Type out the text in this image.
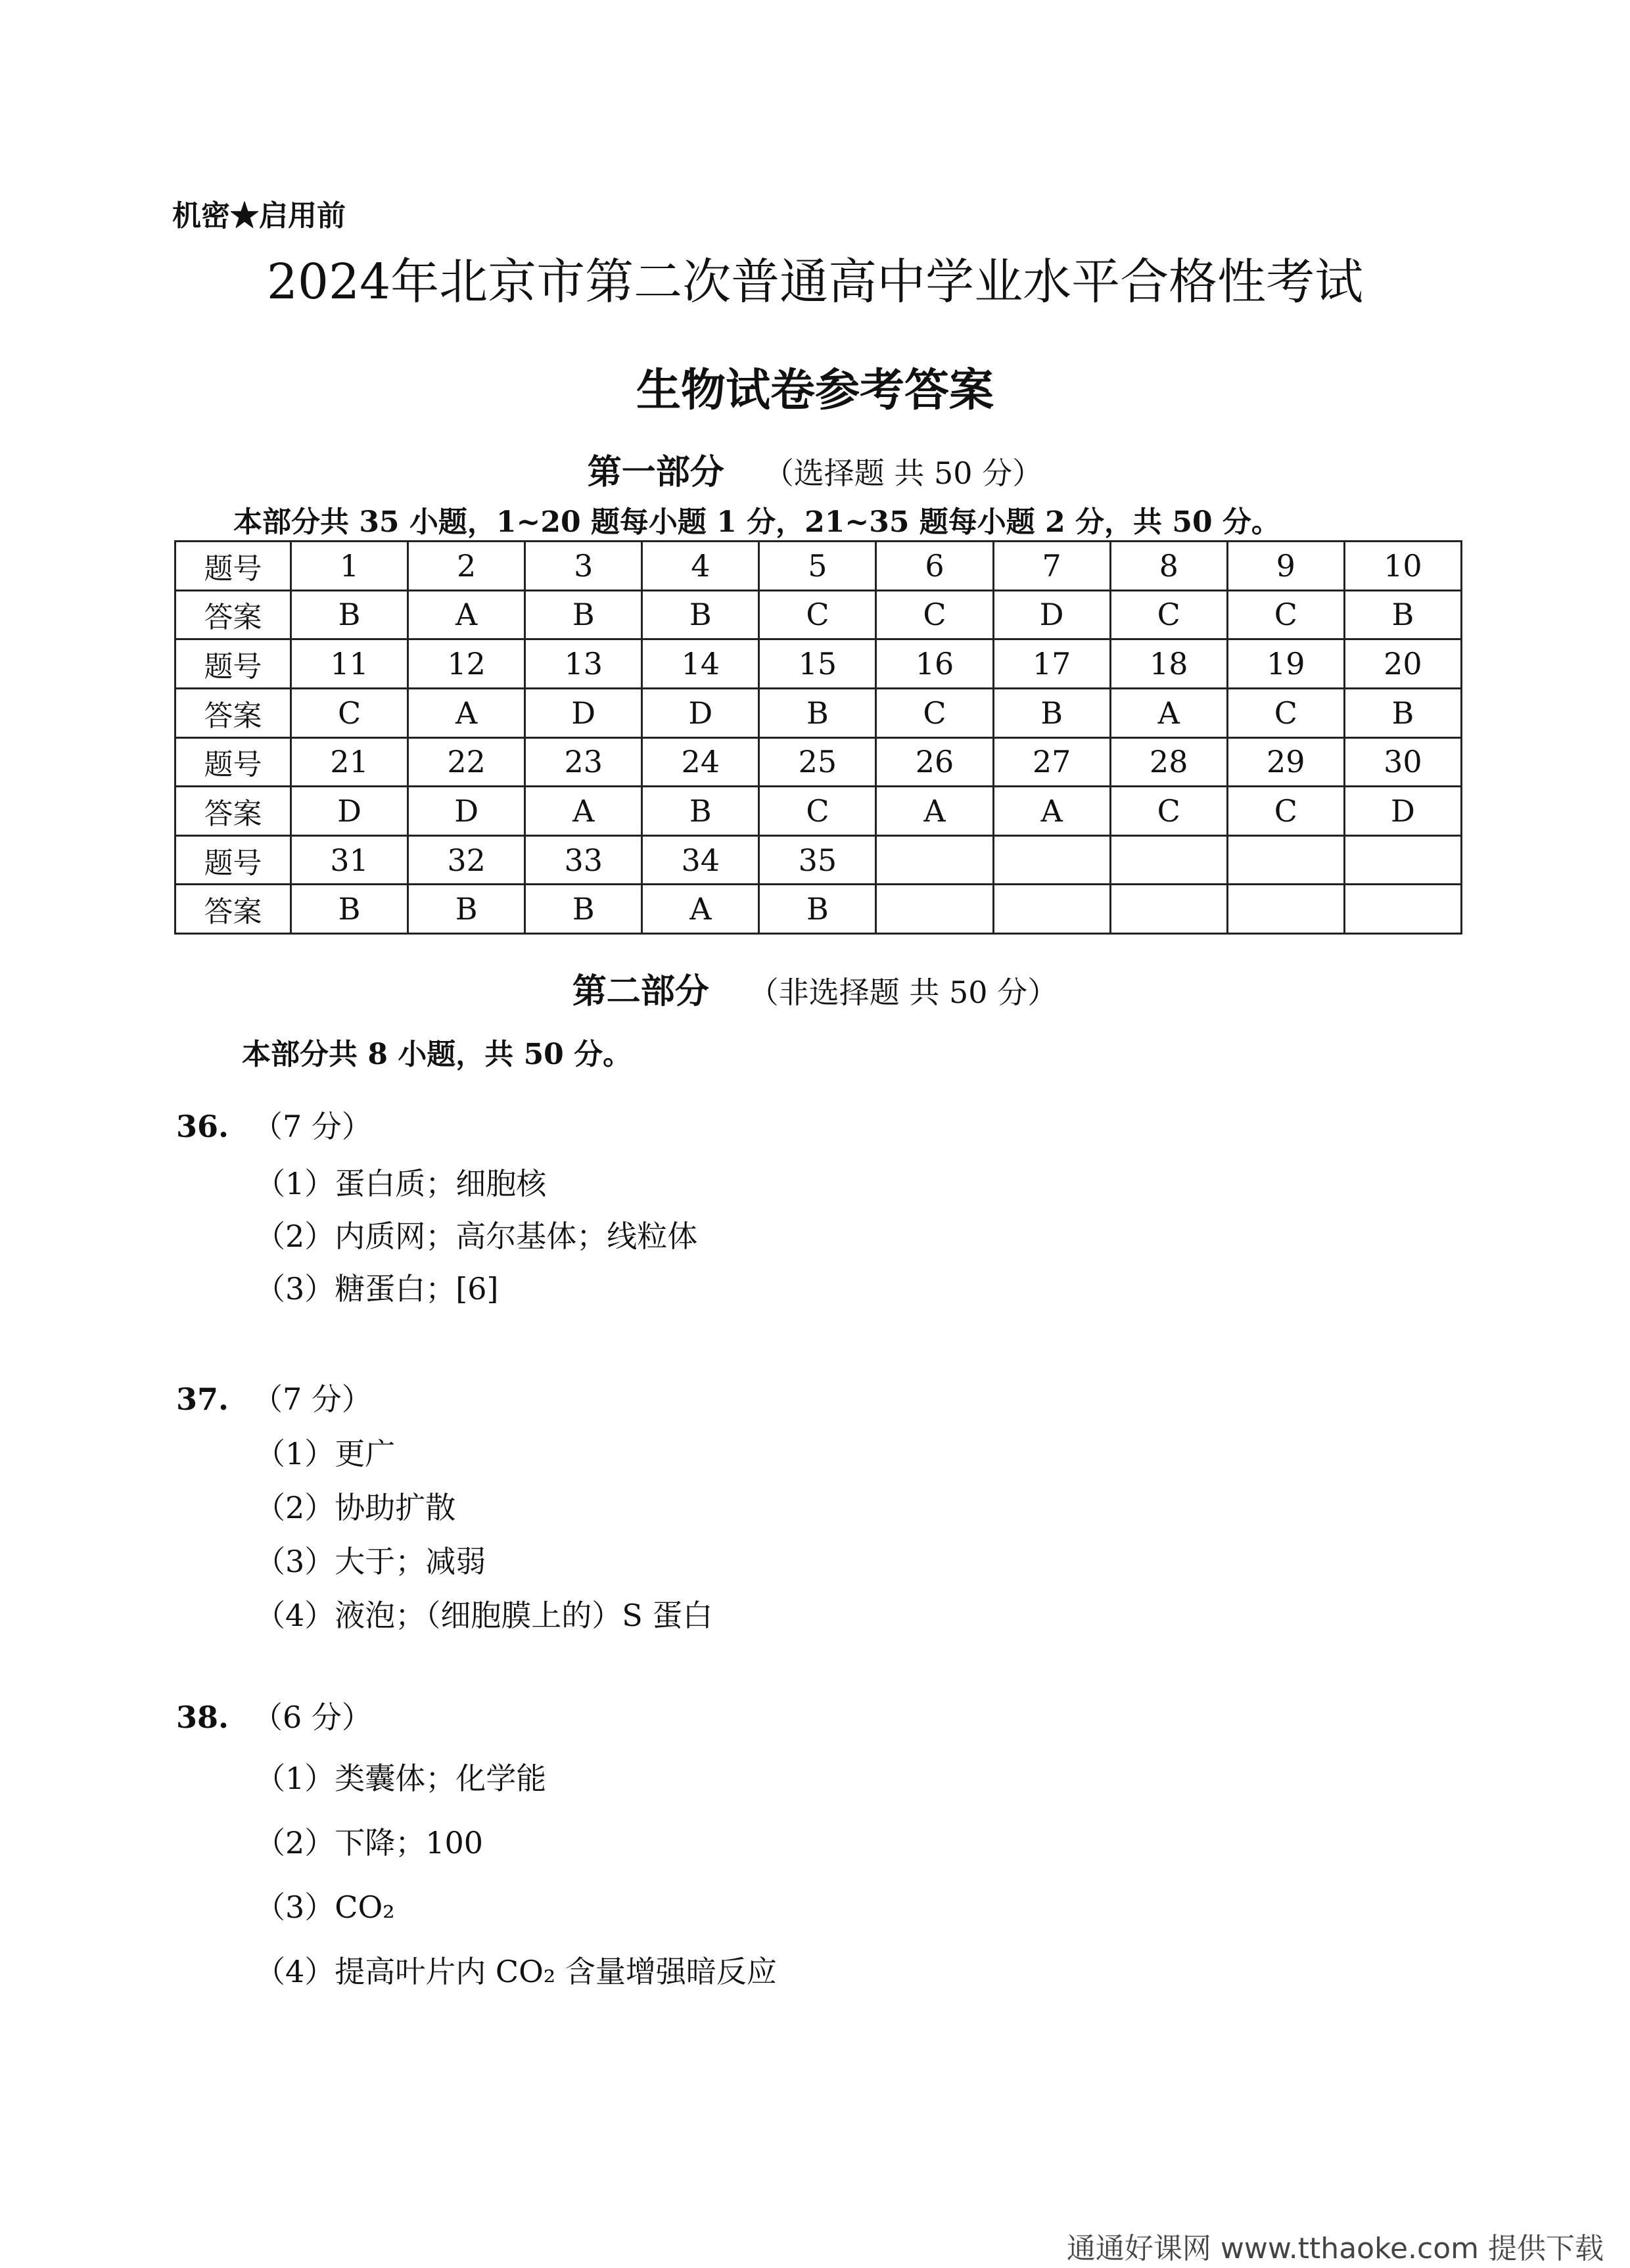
机密★启用前
2024年北京市第二次普通高中学业水平合格性考试
生物试卷参考答案
第一部分 （选择题 共 50 分）
本部分共 35 小题，1~20 题每小题 1 分，21~35 题每小题 2 分，共 50 分。
题号	1	2	3	4	5	6	7	8	9	10
答案	B	A	B	B	C	C	D	C	C	B
题号	11	12	13	14	15	16	17	18	19	20
答案	C	A	D	D	B	C	B	A	C	B
题号	21	22	23	24	25	26	27	28	29	30
答案	D	D	A	B	C	A	A	C	C	D
题号	31	32	33	34	35					
答案	B	B	B	A	B					
第二部分 （非选择题 共 50 分）
本部分共 8 小题，共 50 分。
36. （7 分）
（1）蛋白质；细胞核
（2）内质网；高尔基体；线粒体
（3）糖蛋白；[6]
37. （7 分）
（1）更广
（2）协助扩散
（3）大于；减弱
（4）液泡；（细胞膜上的）S 蛋白
38. （6 分）
（1）类囊体；化学能
（2）下降；100
（3）CO₂
（4）提高叶片内 CO₂ 含量增强暗反应
通通好课网 www.tthaoke.com 提供下载
